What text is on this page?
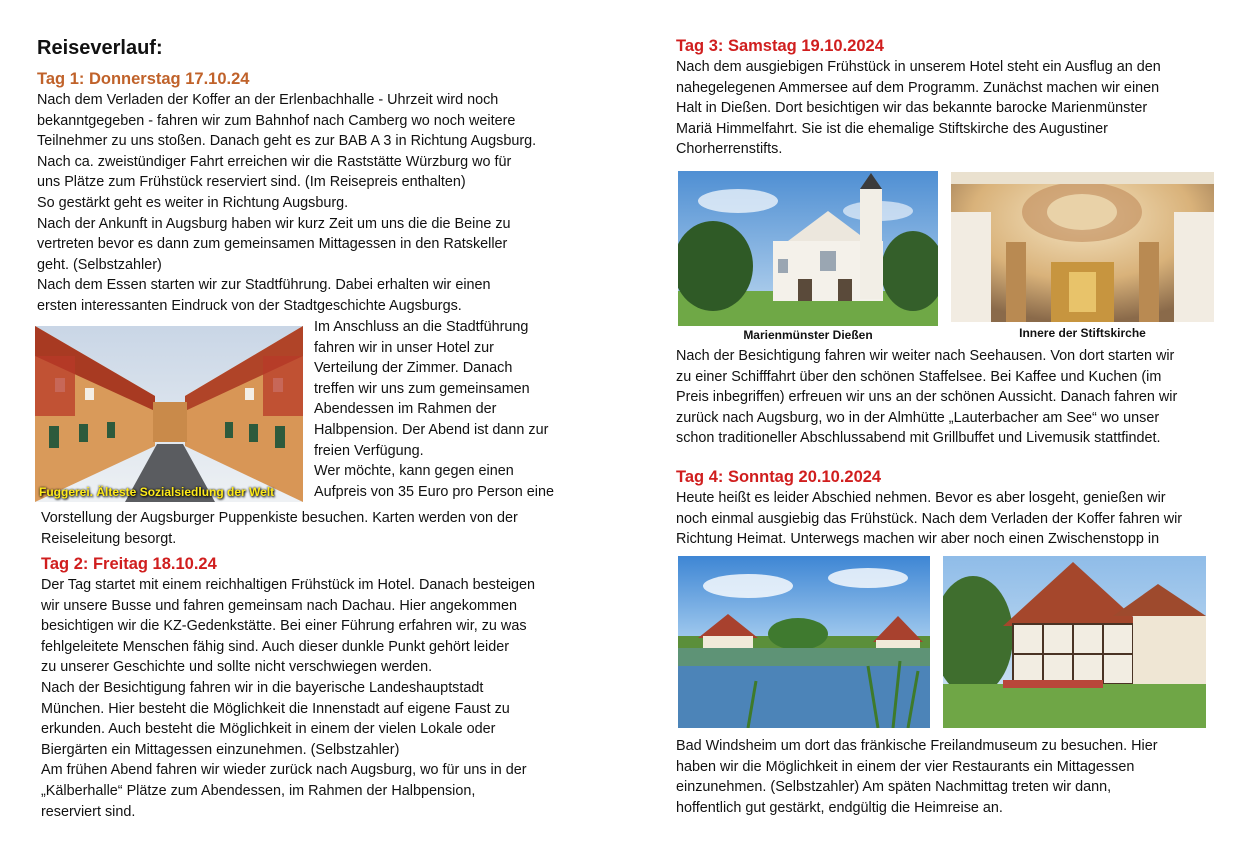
Reiseverlauf:
Tag 1: Donnerstag 17.10.24

Nach dem Verladen der Koffer an der Erlenbachhalle - Uhrzeit wird noch

bekanntgegeben - fahren wir zum Bahnhof nach Camberg wo noch weitere

Teilnehmer zu uns stoßen. Danach geht es zur BAB A 3 in Richtung Augsburg.

Nach ca. zweistündiger Fahrt erreichen wir die Raststätte Würzburg wo für

uns Plätze zum Frühstück reserviert sind. (Im Reisepreis enthalten)

So gestärkt geht es weiter in Richtung Augsburg.

Nach der Ankunft in Augsburg haben wir kurz Zeit um uns die die Beine zu

vertreten bevor es dann zum gemeinsamen Mittagessen in den Ratskeller

geht. (Selbstzahler)

Nach dem Essen starten wir zur Stadtführung. Dabei erhalten wir einen

ersten interessanten Eindruck von der Stadtgeschichte Augsburgs.

Fuggerei. Älteste Sozialsiedlung der Welt

Im Anschluss an die Stadtführung

fahren wir in unser Hotel zur

Verteilung der Zimmer. Danach

treffen wir uns zum gemeinsamen

Abendessen im Rahmen der

Halbpension. Der Abend ist dann zur

freien Verfügung.

Wer möchte, kann gegen einen

Aufpreis von 35 Euro pro Person eine

Vorstellung der Augsburger Puppenkiste besuchen. Karten werden von der

Reiseleitung besorgt.

Tag 2: Freitag 18.10.24

Der Tag startet mit einem reichhaltigen Frühstück im Hotel. Danach besteigen

wir unsere Busse und fahren gemeinsam nach Dachau. Hier angekommen

besichtigen wir die KZ-Gedenkstätte. Bei einer Führung erfahren wir, zu was

fehlgeleitete Menschen fähig sind. Auch dieser dunkle Punkt gehört leider

zu unserer Geschichte und sollte nicht verschwiegen werden.

Nach der Besichtigung fahren wir in die bayerische Landeshauptstadt

München. Hier besteht die Möglichkeit die Innenstadt auf eigene Faust zu

erkunden. Auch besteht die Möglichkeit in einem der vielen Lokale oder

Biergärten ein Mittagessen einzunehmen. (Selbstzahler)

Am frühen Abend fahren wir wieder zurück nach Augsburg, wo für uns in der

„Kälberhalle“ Plätze zum Abendessen, im Rahmen der Halbpension,

reserviert sind.

Tag 3: Samstag 19.10.2024

Nach dem ausgiebigen Frühstück in unserem Hotel steht ein Ausflug an den

nahegelegenen Ammersee auf dem Programm. Zunächst machen wir einen

Halt in Dießen. Dort besichtigen wir das bekannte barocke Marienmünster

Mariä Himmelfahrt. Sie ist die ehemalige Stiftskirche des Augustiner

Chorherrenstifts.

Marienmünster Dießen	Innere der Stiftskirche

Nach der Besichtigung fahren wir weiter nach Seehausen. Von dort starten wir

zu einer Schifffahrt über den schönen Staffelsee. Bei Kaffee und Kuchen (im

Preis inbegriffen) erfreuen wir uns an der schönen Aussicht. Danach fahren wir

zurück nach Augsburg, wo in der Almhütte „Lauterbacher am See“ wo unser

schon traditioneller Abschlussabend mit Grillbuffet und Livemusik stattfindet.

Tag 4: Sonntag 20.10.2024

Heute heißt es leider Abschied nehmen. Bevor es aber losgeht, genießen wir

noch einmal ausgiebig das Frühstück. Nach dem Verladen der Koffer fahren wir

Richtung Heimat. Unterwegs machen wir aber noch einen Zwischenstopp in

Bad Windsheim um dort das fränkische Freilandmuseum zu besuchen. Hier

haben wir die Möglichkeit in einem der vier Restaurants ein Mittagessen

einzunehmen. (Selbstzahler) Am späten Nachmittag treten wir dann,

hoffentlich gut gestärkt, endgültig die Heimreise an.
